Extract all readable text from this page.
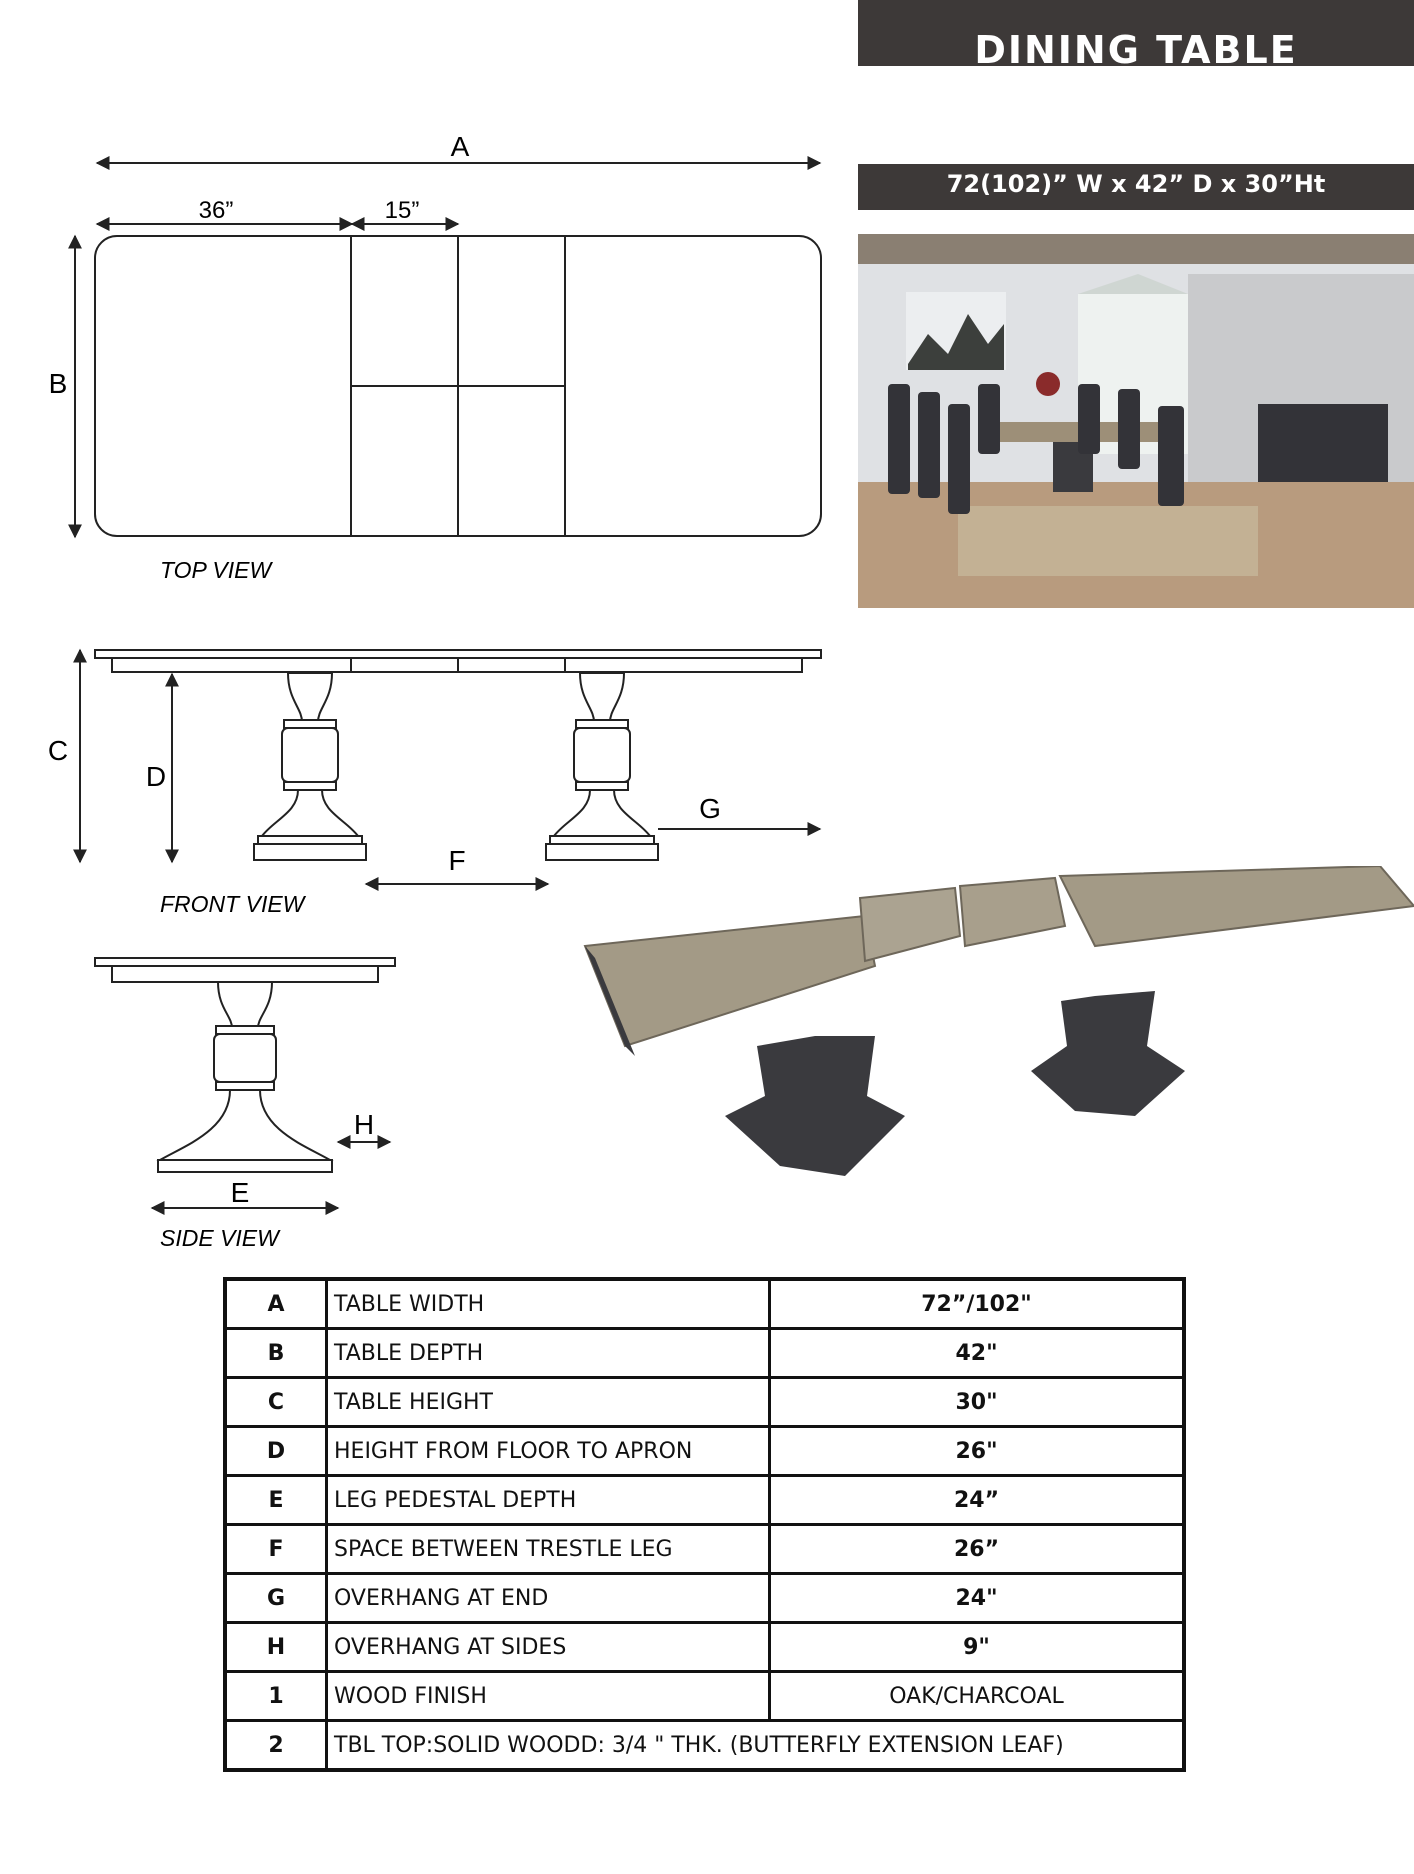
DINING TABLE
72(102)” W x 42” D x 30”Ht
A
36”	15”
B
TOP VIEW
C
D
F
G
FRONT VIEW
H
E
SIDE VIEW
A	TABLE WIDTH	72”/102"
B	TABLE DEPTH	42"
C	TABLE HEIGHT	30"
D	HEIGHT FROM FLOOR TO APRON	26"
E	LEG PEDESTAL DEPTH	24”
F	SPACE BETWEEN TRESTLE LEG	26”
G	OVERHANG AT END	24"
H	OVERHANG AT SIDES	9"
1	WOOD FINISH	OAK/CHARCOAL
2	TBL TOP:SOLID WOODD: 3/4 " THK. (BUTTERFLY EXTENSION LEAF)	
